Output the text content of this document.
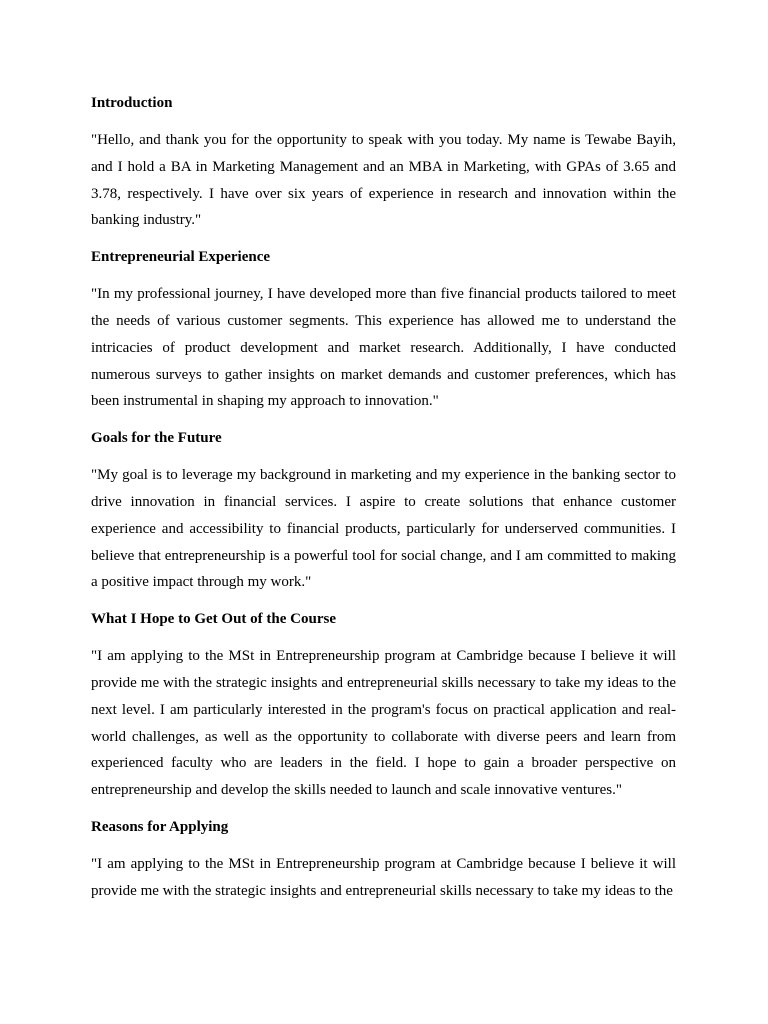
Introduction

"Hello, and thank you for the opportunity to speak with you today. My name is Tewabe Bayih, and I hold a BA in Marketing Management and an MBA in Marketing, with GPAs of 3.65 and 3.78, respectively. I have over six years of experience in research and innovation within the banking industry."

Entrepreneurial Experience

"In my professional journey, I have developed more than five financial products tailored to meet the needs of various customer segments. This experience has allowed me to understand the intricacies of product development and market research. Additionally, I have conducted numerous surveys to gather insights on market demands and customer preferences, which has been instrumental in shaping my approach to innovation."

Goals for the Future

"My goal is to leverage my background in marketing and my experience in the banking sector to drive innovation in financial services. I aspire to create solutions that enhance customer experience and accessibility to financial products, particularly for underserved communities. I believe that entrepreneurship is a powerful tool for social change, and I am committed to making a positive impact through my work."

What I Hope to Get Out of the Course

"I am applying to the MSt in Entrepreneurship program at Cambridge because I believe it will provide me with the strategic insights and entrepreneurial skills necessary to take my ideas to the next level. I am particularly interested in the program's focus on practical application and real-world challenges, as well as the opportunity to collaborate with diverse peers and learn from experienced faculty who are leaders in the field. I hope to gain a broader perspective on entrepreneurship and develop the skills needed to launch and scale innovative ventures."

Reasons for Applying

"I am applying to the MSt in Entrepreneurship program at Cambridge because I believe it will provide me with the strategic insights and entrepreneurial skills necessary to take my ideas to the
